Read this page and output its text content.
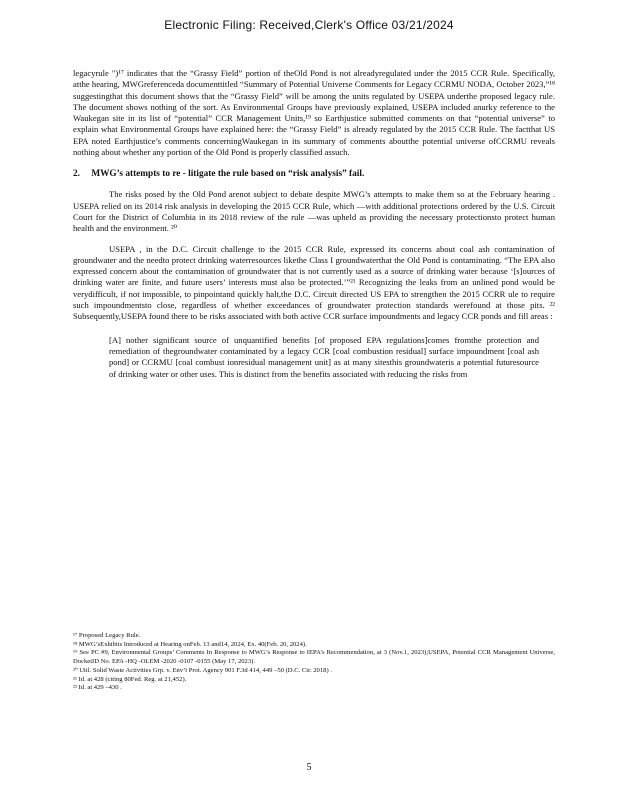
Electronic Filing: Received,Clerk's Office 03/21/2024

legacyrule ")¹⁷ indicates that the “Grassy Field” portion of theOld Pond is not alreadyregulated under the 2015 CCR Rule. Specifically, atthe hearing, MWGreferenceda documenttitled “Summary of Potential Universe Comments for Legacy CCRMU NODA, October 2023,”¹⁸ suggestingthat this document shows that the “Grassy Field” will be among the units regulated by USEPA underthe proposed legacy rule. The document shows nothing of the sort. As Environmental Groups have previously explained, USEPA included anurky reference to the Waukegan site in its list of “potential” CCR Management Units,¹⁹ so Earthjustice submitted comments on that “potential universe” to explain what Environmental Groups have explained here: the “Grassy Field” is already regulated by the 2015 CCR Rule. The factthat US EPA noted Earthjustice’s comments concerningWaukegan in its summary of comments aboutthe potential universe ofCCRMU reveals nothing about whether any portion of the Old Pond is properly classified assuch.

2. MWG’s attempts to re - litigate the rule based on “risk analysis” fail.

The risks posed by the Old Pond arenot subject to debate despite MWG’s attempts to make them so at the February hearing . USEPA relied on its 2014 risk analysis in developing the 2015 CCR Rule, which —with additional protections ordered by the U.S. Circuit Court for the District of Columbia in its 2018 review of the rule —was upheld as providing the necessary protectionsto protect human health and the environment. ²⁰

USEPA , in the D.C. Circuit challenge to the 2015 CCR Rule, expressed its concerns about coal ash contamination of groundwater and the needto protect drinking waterresources likethe Class I groundwaterthat the Old Pond is contaminating. “The EPA also expressed concern about the contamination of groundwater that is not currently used as a source of drinking water because ‘[s]ources of drinking water are finite, and future users’ interests must also be protected.’”²¹ Recognizing the leaks from an unlined pond would be verydifficult, if not impossible, to pinpointand quickly halt,the D.C. Circuit directed US EPA to strengthen the 2015 CCRR ule to require such impoundmentsto close, regardless of whether exceedances of groundwater protection standards werefound at those pits. ²² Subsequently,USEPA found there to be risks associated with both active CCR surface impoundments and legacy CCR ponds and fill areas :

[A] nother significant source of unquantified benefits [of proposed EPA regulations]comes fromthe protection and remediation of thegroundwater contaminated by a legacy CCR [coal combustion residual] surface impoundment [coal ash pond] or CCRMU [coal combust ionresidual management unit] as at many sitesthis groundwateris a potential futuresource of drinking water or other uses. This is distinct from the benefits associated with reducing the risks from

¹⁷ Proposed Legacy Rule.

¹⁸ MWG’sExhibits Introduced at Hearing onFeb. 13 and14, 2024, Ex. 40(Feb. 20, 2024).

¹⁹ See PC #9, Environmental Groups’ Comments In Response to MWG’s Response to IEPA’s Recommendation, at 3 (Nov.1, 2023);USEPA, Potential CCR Management Universe, DocketID No. EPA -HQ -OLEM -2020 -0107 -0155 (May 17, 2023).

²⁰ Util. Solid Waste Activities Grp. v. Env’t Prot. Agency 901 F.3d 414, 449 –50 (D.C. Cir. 2018) .

²¹ Id. at 428 (citing 80Fed. Reg. at 21,452).

²² Id. at 429 –430 .

5
